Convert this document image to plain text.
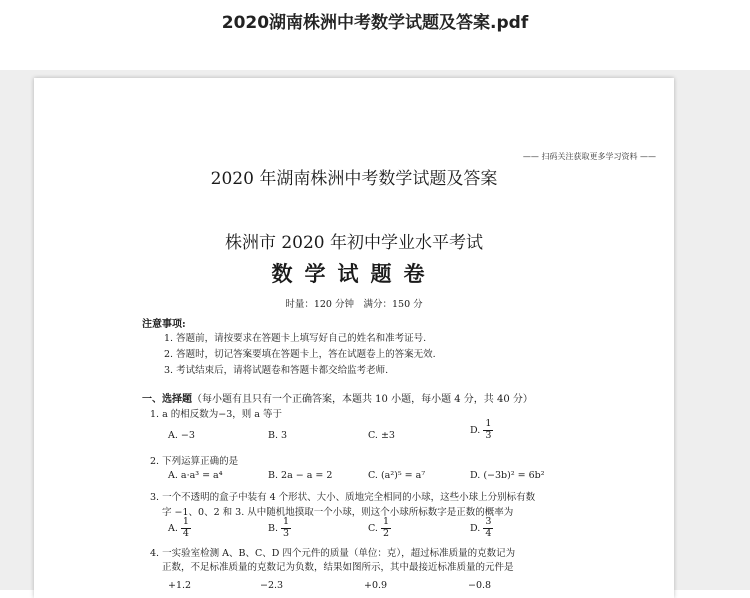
2020湖南株洲中考数学试题及答案.pdf
—— 扫码关注获取更多学习资料 ——
2020 年湖南株洲中考数学试题及答案
株洲市 2020 年初中学业水平考试
数学试题卷
时量：120 分钟　满分：150 分
注意事项:
1. 答题前，请按要求在答题卡上填写好自己的姓名和准考证号.
2. 答题时，切记答案要填在答题卡上，答在试题卷上的答案无效.
3. 考试结束后，请将试题卷和答题卡都交给监考老师.
一、选择题（每小题有且只有一个正确答案，本题共 10 小题，每小题 4 分，共 40 分）
1. a 的相反数为−3，则 a 等于
A. −3	B. 3	C. ±3	D. $\frac{1}{3}$
2. 下列运算正确的是
A. a·a³ = a⁴	B. 2a − a = 2	C. (a²)⁵ = a⁷	D. (−3b)² = 6b²
3. 一个不透明的盒子中装有 4 个形状、大小、质地完全相同的小球，这些小球上分别标有数
字 −1、0、2 和 3. 从中随机地摸取一个小球，则这个小球所标数字是正数的概率为
A. $\frac{1}{4}$	B. $\frac{1}{3}$	C. $\frac{1}{2}$	D. $\frac{3}{4}$
4. 一实验室检测 A、B、C、D 四个元件的质量（单位：克），超过标准质量的克数记为
正数，不足标准质量的克数记为负数，结果如图所示，其中最接近标准质量的元件是
+1.2	−2.3	+0.9	−0.8
